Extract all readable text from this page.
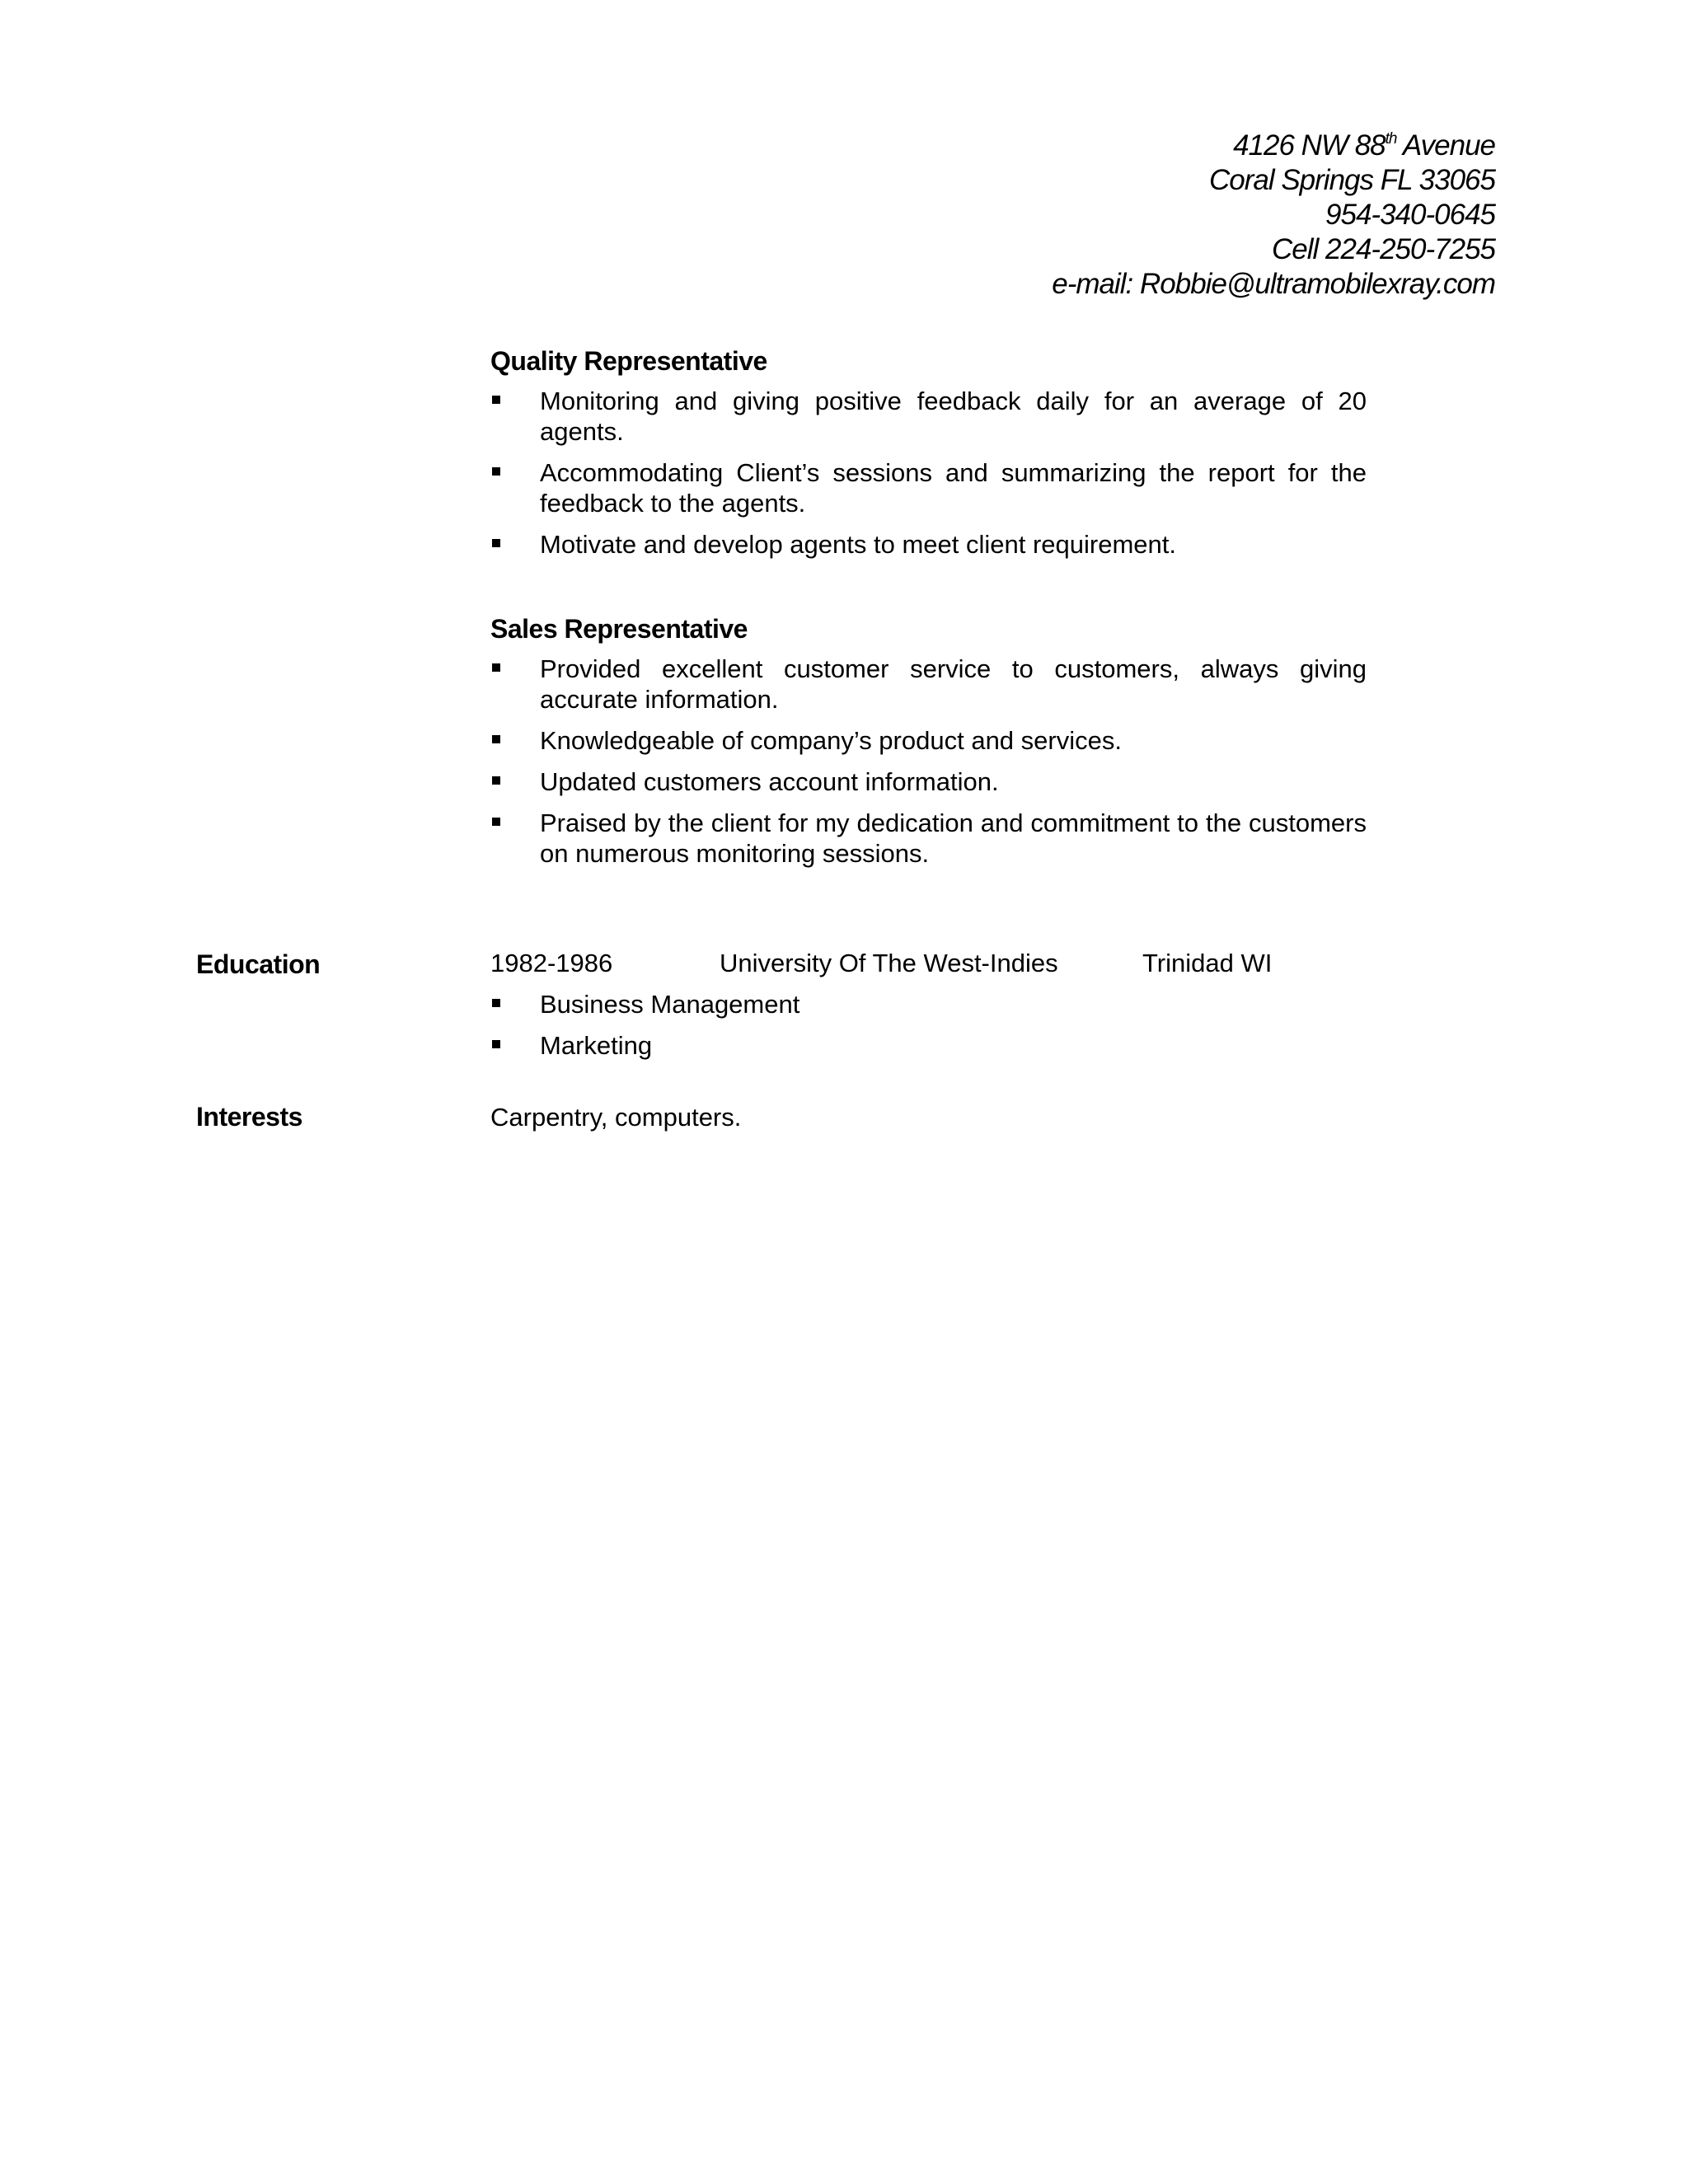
4126 NW 88th Avenue
Coral Springs FL 33065
954-340-0645
Cell 224-250-7255
e-mail: Robbie@ultramobilexray.com
Quality Representative
Monitoring and giving positive feedback daily for an average of 20 agents.
Accommodating Client’s sessions and summarizing the report for the feedback to the agents.
Motivate and develop agents to meet client requirement.
Sales Representative
Provided excellent customer service to customers, always giving accurate information.
Knowledgeable of company’s product and services.
Updated customers account information.
Praised by the client for my dedication and commitment to the customers on numerous monitoring sessions.
Education	1982-1986	University Of The West-Indies	Trinidad WI
Business Management
Marketing
Interests	Carpentry, computers.
